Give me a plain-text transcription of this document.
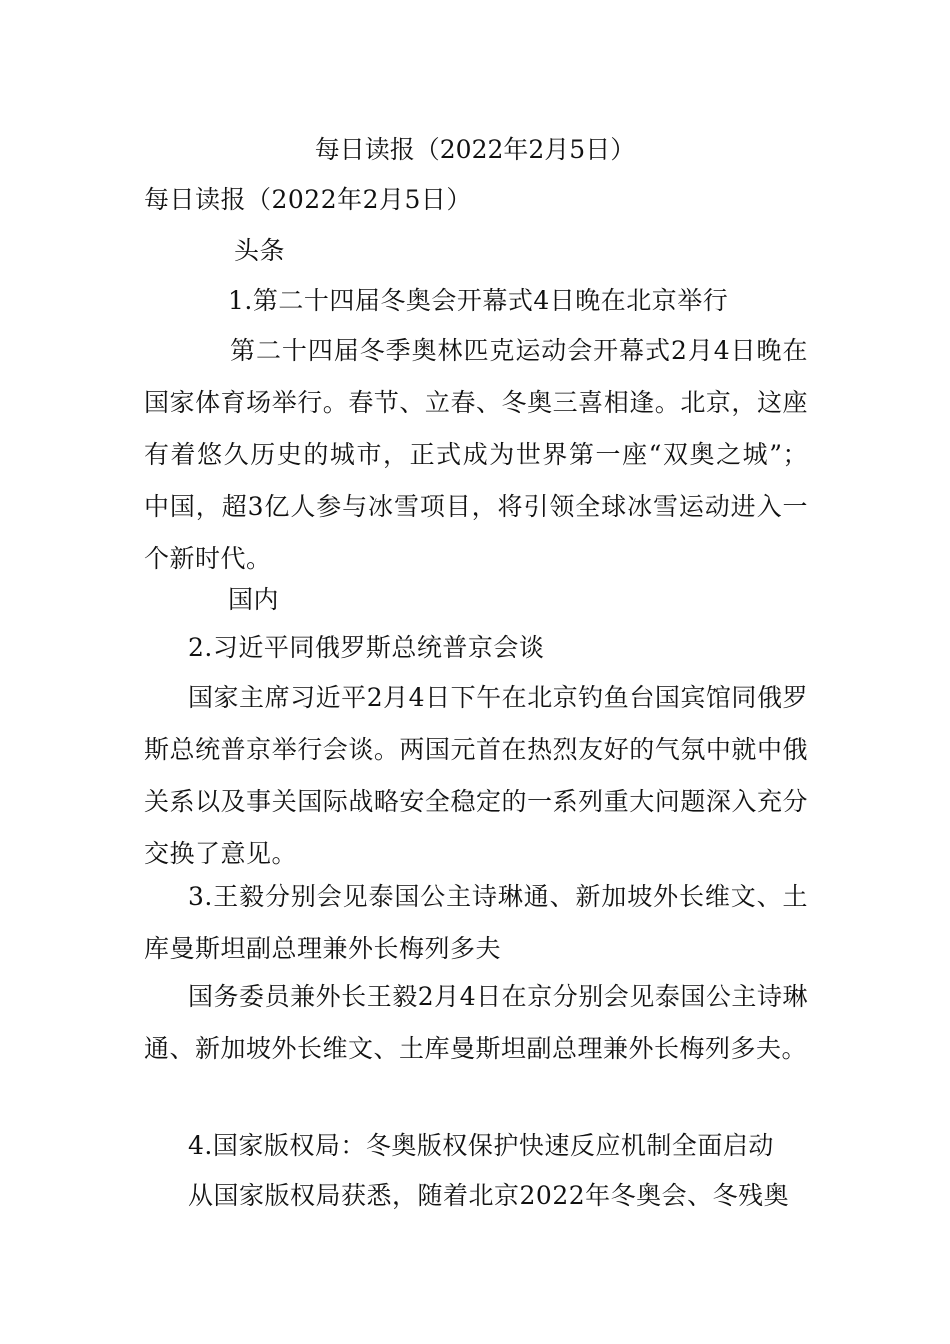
每日读报（2022年2月5日）
每日读报（2022年2月5日）
头条
1.第二十四届冬奥会开幕式4日晚在北京举行
第二十四届冬季奥林匹克运动会开幕式2月4日晚在国家体育场举行。春节、立春、冬奥三喜相逢。北京，这座有着悠久历史的城市，正式成为世界第一座“双奥之城”；中国，超3亿人参与冰雪项目，将引领全球冰雪运动进入一个新时代。
国内
2.习近平同俄罗斯总统普京会谈
国家主席习近平2月4日下午在北京钓鱼台国宾馆同俄罗斯总统普京举行会谈。两国元首在热烈友好的气氛中就中俄关系以及事关国际战略安全稳定的一系列重大问题深入充分交换了意见。
3.王毅分别会见泰国公主诗琳通、新加坡外长维文、土库曼斯坦副总理兼外长梅列多夫
国务委员兼外长王毅2月4日在京分别会见泰国公主诗琳通、新加坡外长维文、土库曼斯坦副总理兼外长梅列多夫。
4.国家版权局：冬奥版权保护快速反应机制全面启动
从国家版权局获悉，随着北京2022年冬奥会、冬残奥
